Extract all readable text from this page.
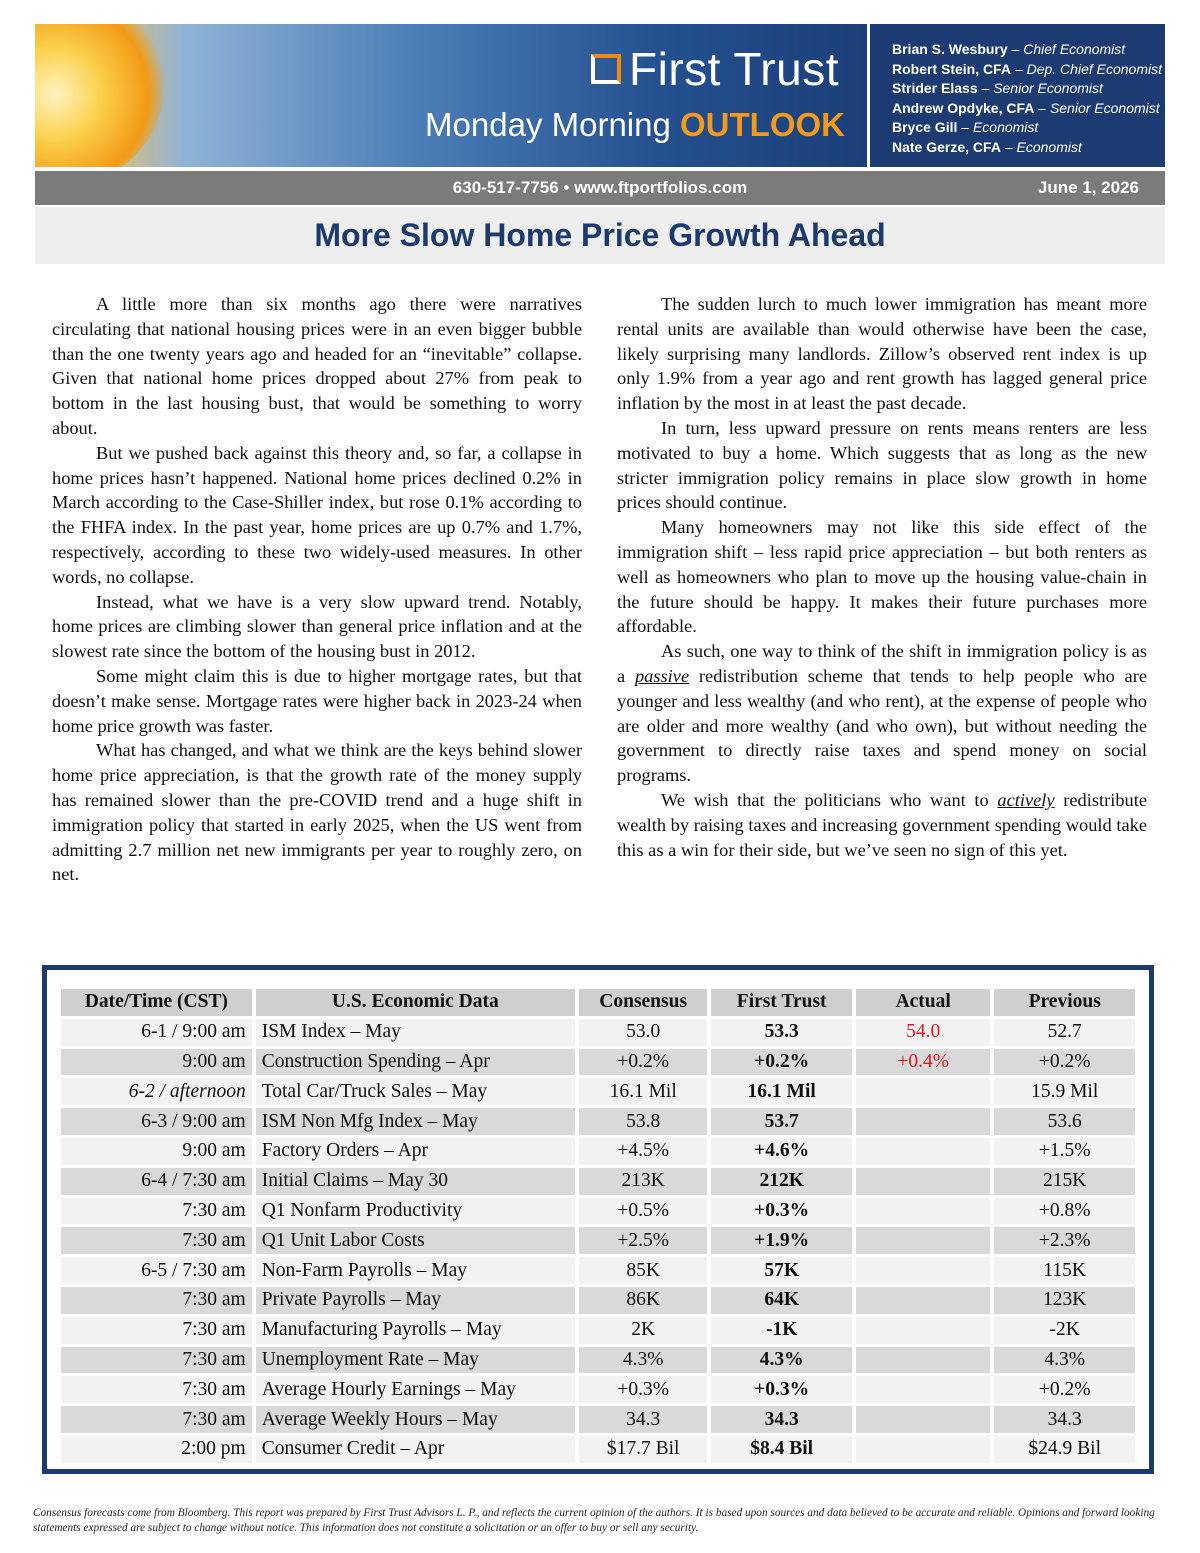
First Trust
Monday Morning OUTLOOK
Brian S. Wesbury – Chief Economist
Robert Stein, CFA – Dep. Chief Economist
Strider Elass – Senior Economist
Andrew Opdyke, CFA – Senior Economist
Bryce Gill – Economist
Nate Gerze, CFA – Economist
630-517-7756 • www.ftportfolios.com	June 1, 2026
More Slow Home Price Growth Ahead

A little more than six months ago there were narratives circulating that national housing prices were in an even bigger bubble than the one twenty years ago and headed for an “inevitable” collapse. Given that national home prices dropped about 27% from peak to bottom in the last housing bust, that would be something to worry about.

But we pushed back against this theory and, so far, a collapse in home prices hasn’t happened. National home prices declined 0.2% in March according to the Case-Shiller index, but rose 0.1% according to the FHFA index. In the past year, home prices are up 0.7% and 1.7%, respectively, according to these two widely-used measures. In other words, no collapse.

Instead, what we have is a very slow upward trend. Notably, home prices are climbing slower than general price inflation and at the slowest rate since the bottom of the housing bust in 2012.

Some might claim this is due to higher mortgage rates, but that doesn’t make sense. Mortgage rates were higher back in 2023-24 when home price growth was faster.

What has changed, and what we think are the keys behind slower home price appreciation, is that the growth rate of the money supply has remained slower than the pre-COVID trend and a huge shift in immigration policy that started in early 2025, when the US went from admitting 2.7 million net new immigrants per year to roughly zero, on net.

The sudden lurch to much lower immigration has meant more rental units are available than would otherwise have been the case, likely surprising many landlords. Zillow’s observed rent index is up only 1.9% from a year ago and rent growth has lagged general price inflation by the most in at least the past decade.

In turn, less upward pressure on rents means renters are less motivated to buy a home. Which suggests that as long as the new stricter immigration policy remains in place slow growth in home prices should continue.

Many homeowners may not like this side effect of the immigration shift – less rapid price appreciation – but both renters as well as homeowners who plan to move up the housing value-chain in the future should be happy. It makes their future purchases more affordable.

As such, one way to think of the shift in immigration policy is as a passive redistribution scheme that tends to help people who are younger and less wealthy (and who rent), at the expense of people who are older and more wealthy (and who own), but without needing the government to directly raise taxes and spend money on social programs.

We wish that the politicians who want to actively redistribute wealth by raising taxes and increasing government spending would take this as a win for their side, but we’ve seen no sign of this yet.

Date/Time (CST)	U.S. Economic Data	Consensus	First Trust	Actual	Previous
6-1 / 9:00 am	ISM Index – May	53.0	53.3	54.0	52.7
9:00 am	Construction Spending – Apr	+0.2%	+0.2%	+0.4%	+0.2%
6-2 / afternoon	Total Car/Truck Sales – May	16.1 Mil	16.1 Mil		15.9 Mil
6-3 / 9:00 am	ISM Non Mfg Index – May	53.8	53.7		53.6
9:00 am	Factory Orders – Apr	+4.5%	+4.6%		+1.5%
6-4 / 7:30 am	Initial Claims – May 30	213K	212K		215K
7:30 am	Q1 Nonfarm Productivity	+0.5%	+0.3%		+0.8%
7:30 am	Q1 Unit Labor Costs	+2.5%	+1.9%		+2.3%
6-5 / 7:30 am	Non-Farm Payrolls – May	85K	57K		115K
7:30 am	Private Payrolls – May	86K	64K		123K
7:30 am	Manufacturing Payrolls – May	2K	-1K		-2K
7:30 am	Unemployment Rate – May	4.3%	4.3%		4.3%
7:30 am	Average Hourly Earnings – May	+0.3%	+0.3%		+0.2%
7:30 am	Average Weekly Hours – May	34.3	34.3		34.3
2:00 pm	Consumer Credit – Apr	$17.7 Bil	$8.4 Bil		$24.9 Bil
Consensus forecasts come from Bloomberg. This report was prepared by First Trust Advisors L. P., and reflects the current opinion of the authors. It is based upon sources and data believed to be accurate and reliable. Opinions and forward looking statements expressed are subject to change without notice. This information does not constitute a solicitation or an offer to buy or sell any security.
